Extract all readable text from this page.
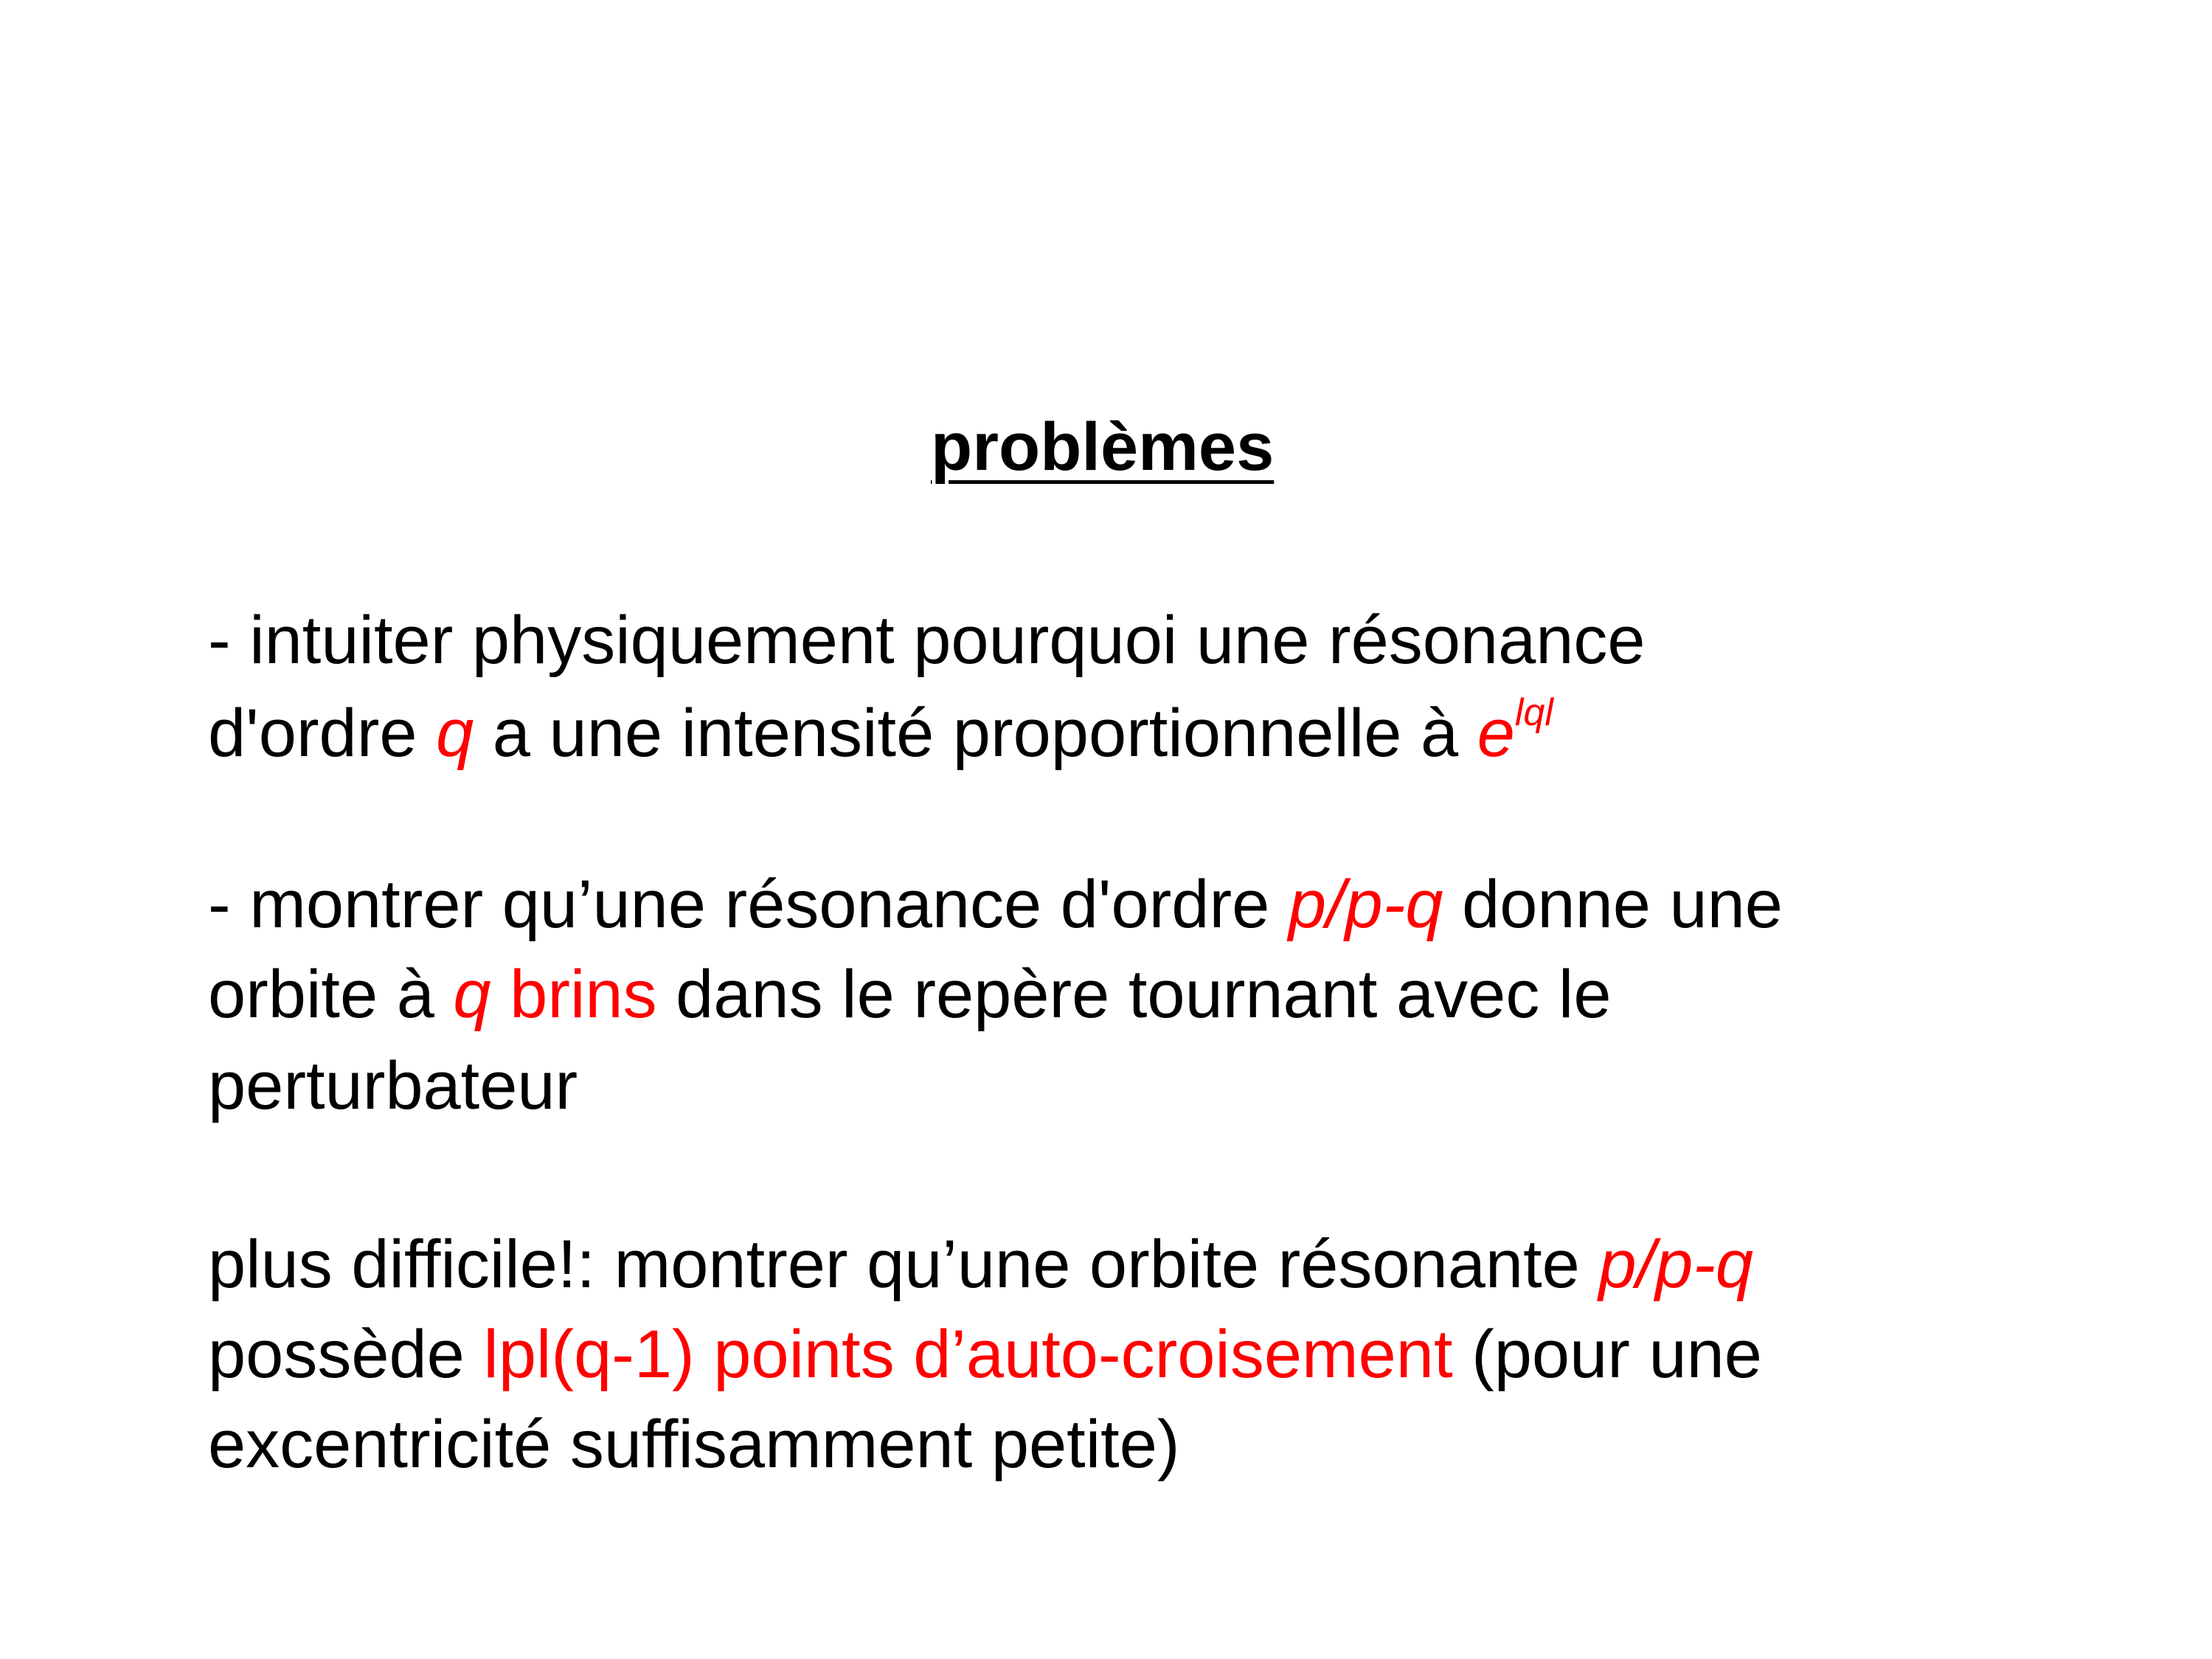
problèmes
- intuiter physiquement pourquoi une résonance
d'ordre q a une intensité proportionnelle à $e^{lql}$
- montrer qu’une résonance d'ordre p/p-q donne une
orbite à q brins dans le repère tournant avec le
perturbateur
plus difficile!: montrer qu’une orbite résonante p/p-q
possède lpl(q-1) points d’auto-croisement (pour une
excentricité suffisamment petite)
